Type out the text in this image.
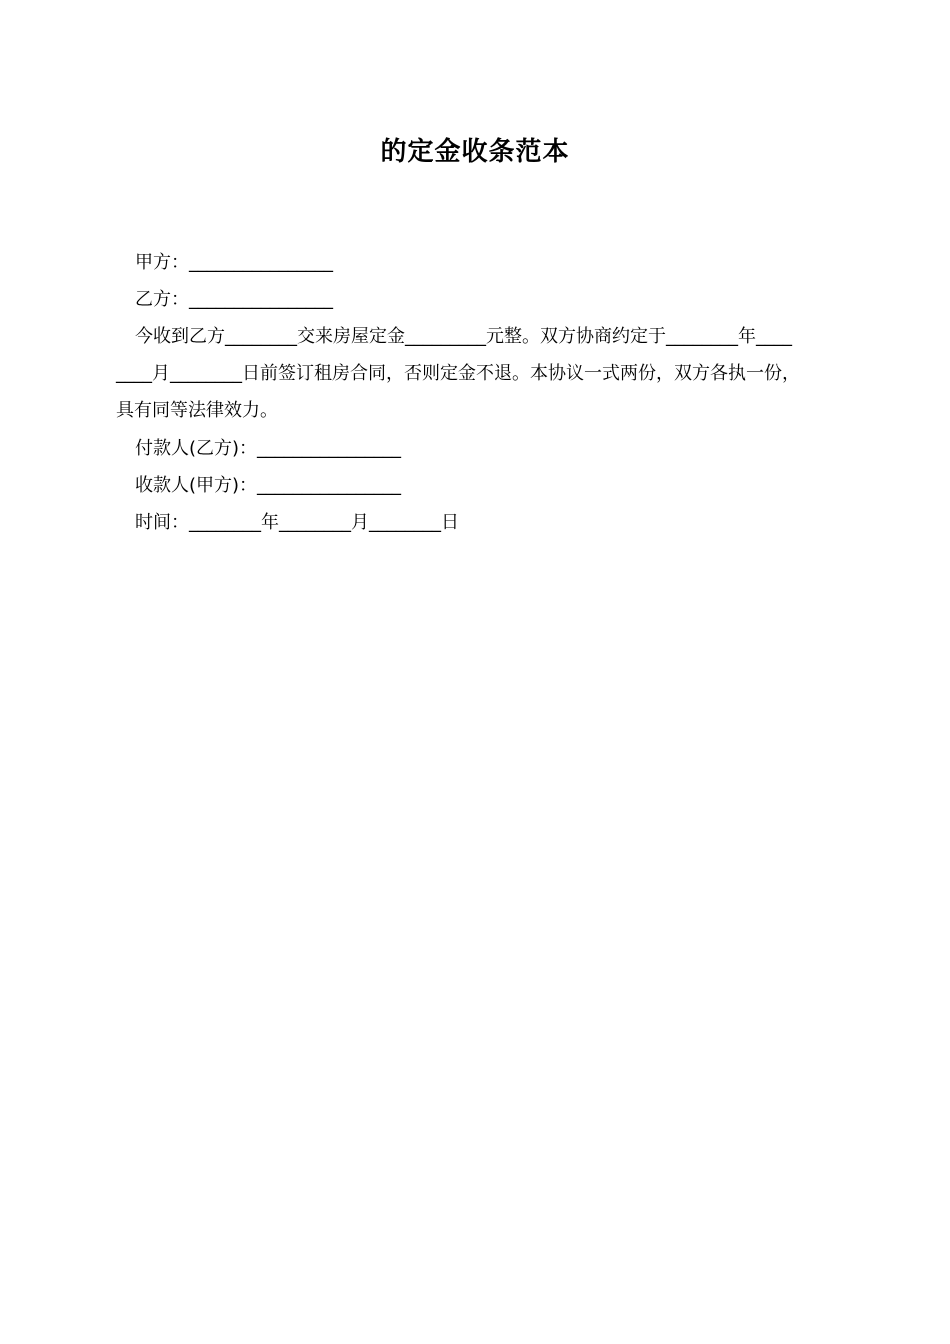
的定金收条范本
甲方：________________
乙方：________________
今收到乙方________交来房屋定金_________元整。双方协商约定于________年____
____月________日前签订租房合同，否则定金不退。本协议一式两份，双方各执一份，
具有同等法律效力。
付款人(乙方)：________________
收款人(甲方)：________________
时间：________年________月________日
